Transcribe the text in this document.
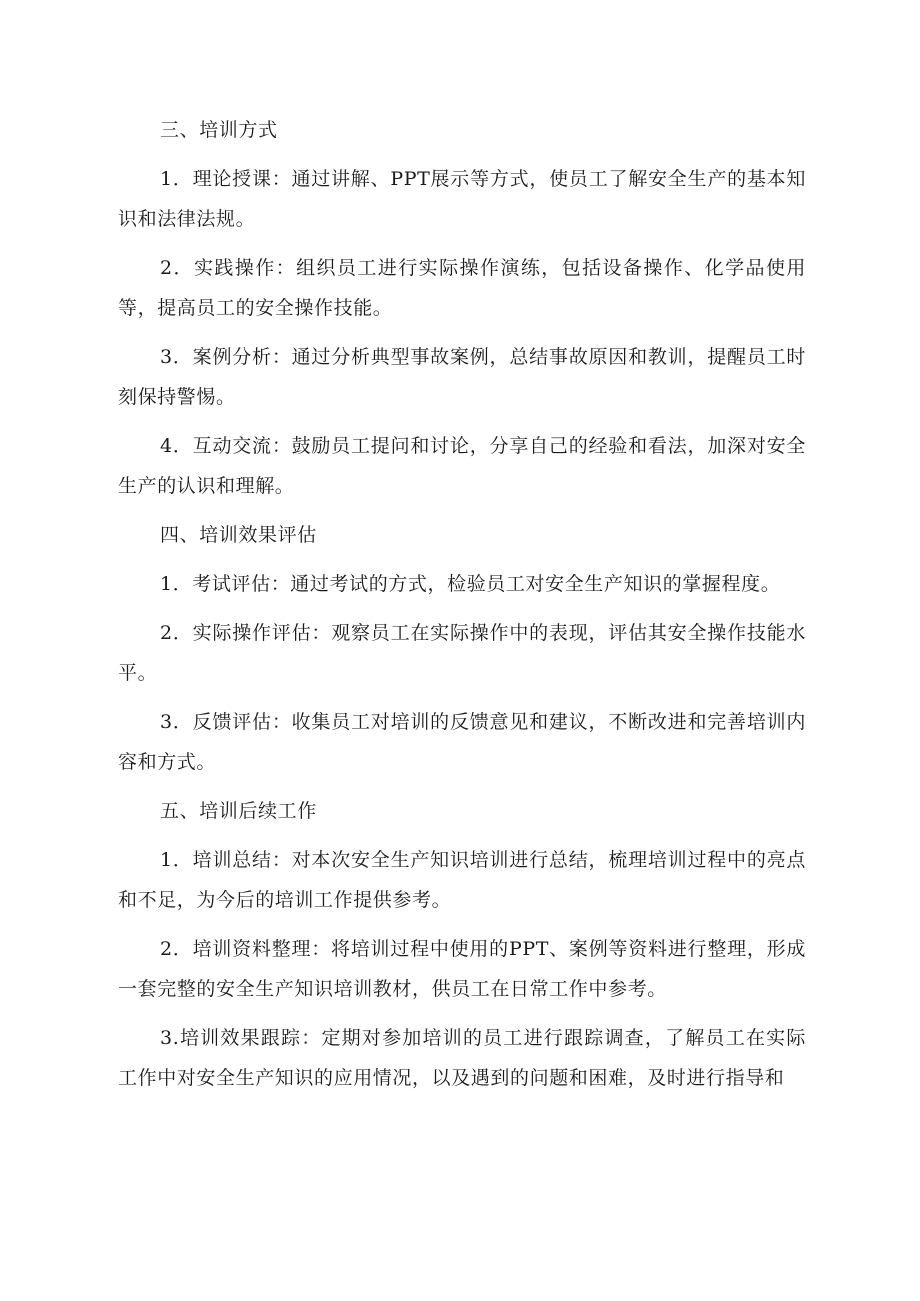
三、培训方式

1．理论授课：通过讲解、PPT展示等方式，使员工了解安全生产的基本知识和法律法规。

2．实践操作：组织员工进行实际操作演练，包括设备操作、化学品使用等，提高员工的安全操作技能。

3．案例分析：通过分析典型事故案例，总结事故原因和教训，提醒员工时刻保持警惕。

4．互动交流：鼓励员工提问和讨论，分享自己的经验和看法，加深对安全生产的认识和理解。

四、培训效果评估

1．考试评估：通过考试的方式，检验员工对安全生产知识的掌握程度。

2．实际操作评估：观察员工在实际操作中的表现，评估其安全操作技能水平。

3．反馈评估：收集员工对培训的反馈意见和建议，不断改进和完善培训内容和方式。

五、培训后续工作

1．培训总结：对本次安全生产知识培训进行总结，梳理培训过程中的亮点和不足，为今后的培训工作提供参考。

2．培训资料整理：将培训过程中使用的PPT、案例等资料进行整理，形成一套完整的安全生产知识培训教材，供员工在日常工作中参考。

3.培训效果跟踪：定期对参加培训的员工进行跟踪调查，了解员工在实际工作中对安全生产知识的应用情况，以及遇到的问题和困难，及时进行指导和
